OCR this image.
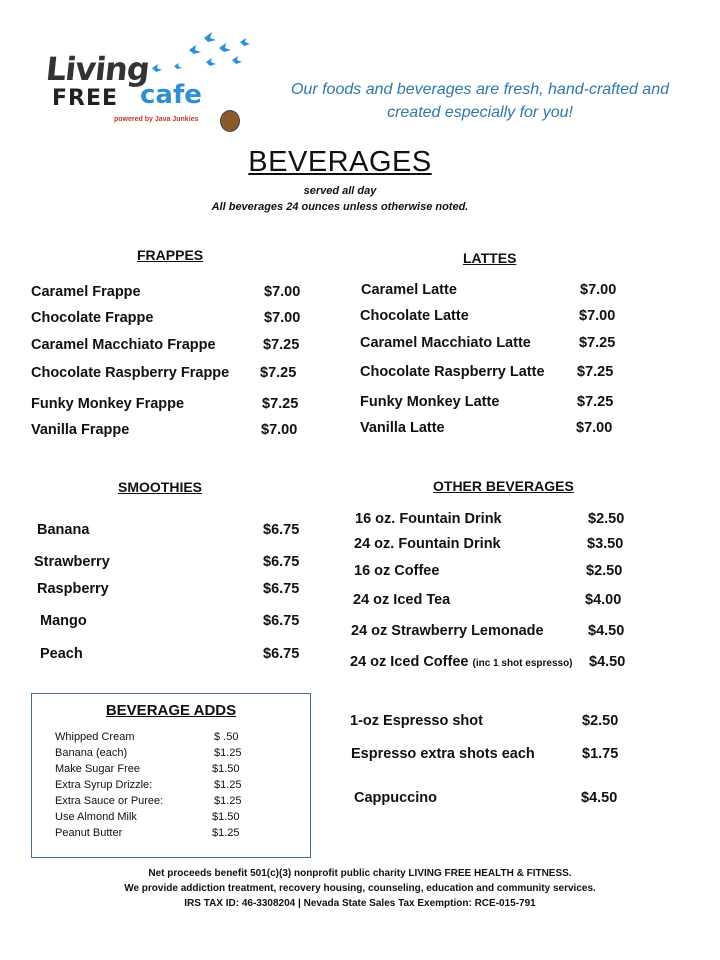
Living
FREE cafe
powered by Java Junkies
Our foods and beverages are fresh, hand-crafted and
created especially for you!
BEVERAGES
served all day
All beverages 24 ounces unless otherwise noted.
FRAPPES
Caramel Frappe	$7.00
Chocolate Frappe	$7.00
Caramel Macchiato Frappe	$7.25
Chocolate Raspberry Frappe $7.25
Funky Monkey Frappe	$7.25
Vanilla Frappe	$7.00
LATTES
Caramel Latte	$7.00
Chocolate Latte	$7.00
Caramel Macchiato Latte	$7.25
Chocolate Raspberry Latte $7.25
Funky Monkey Latte	$7.25
Vanilla Latte	$7.00
SMOOTHIES
Banana	$6.75
Strawberry	$6.75
Raspberry	$6.75
Mango	$6.75
Peach	$6.75
OTHER BEVERAGES
16 oz. Fountain Drink	$2.50
24 oz. Fountain Drink	$3.50
16 oz Coffee	$2.50
24 oz Iced Tea	$4.00
24 oz Strawberry Lemonade	$4.50
24 oz Iced Coffee (inc 1 shot espresso) $4.50
1-oz Espresso shot	$2.50
Espresso extra shots each	$1.75
Cappuccino	$4.50
BEVERAGE ADDS
Whipped Cream	$ .50
Banana (each)	$1.25
Make Sugar Free	$1.50
Extra Syrup Drizzle:	$1.25
Extra Sauce or Puree:	$1.25
Use Almond Milk	$1.50
Peanut Butter	$1.25
Net proceeds benefit 501(c)(3) nonprofit public charity LIVING FREE HEALTH & FITNESS.
We provide addiction treatment, recovery housing, counseling, education and community services.
IRS TAX ID: 46-3308204 | Nevada State Sales Tax Exemption: RCE-015-791
